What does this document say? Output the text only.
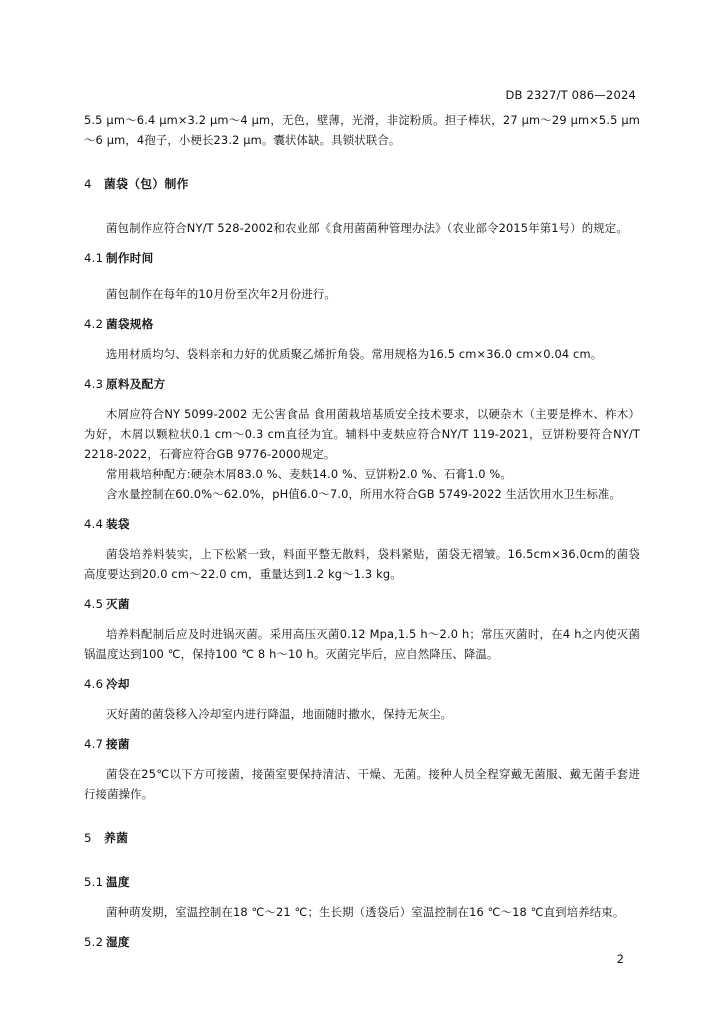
DB 2327/T 086—2024

5.5 μm～6.4 μm×3.2 μm～4 μm，无色，壁薄，光滑，非淀粉质。担子棒状，27 μm～29 μm×5.5 μm～6 μm，4孢子，小梗长23.2 μm。囊状体缺。具锁状联合。

4 菌袋（包）制作

菌包制作应符合NY/T 528-2002和农业部《食用菌菌种管理办法》（农业部令2015年第1号）的规定。

4.1 制作时间

菌包制作在每年的10月份至次年2月份进行。

4.2 菌袋规格

选用材质均匀、袋料亲和力好的优质聚乙烯折角袋。常用规格为16.5 cm×36.0 cm×0.04 cm。

4.3 原料及配方

木屑应符合NY 5099-2002 无公害食品 食用菌栽培基质安全技术要求，以硬杂木（主要是桦木、柞木）为好，木屑以颗粒状0.1 cm～0.3 cm直径为宜。辅料中麦麸应符合NY/T 119-2021，豆饼粉要符合NY/T 2218-2022，石膏应符合GB 9776-2000规定。

常用栽培种配方:硬杂木屑83.0 %、麦麸14.0 %、豆饼粉2.0 %、石膏1.0 %。

含水量控制在60.0%～62.0%，pH值6.0～7.0，所用水符合GB 5749-2022 生活饮用水卫生标准。

4.4 装袋

菌袋培养料装实，上下松紧一致，料面平整无散料，袋料紧贴，菌袋无褶皱。16.5cm×36.0cm的菌袋高度要达到20.0 cm～22.0 cm，重量达到1.2 kg～1.3 kg。

4.5 灭菌

培养料配制后应及时进锅灭菌。采用高压灭菌0.12 Mpa,1.5 h～2.0 h；常压灭菌时，在4 h之内使灭菌锅温度达到100 ℃，保持100 ℃ 8 h～10 h。灭菌完毕后，应自然降压、降温。

4.6 冷却

灭好菌的菌袋移入冷却室内进行降温，地面随时撒水，保持无灰尘。

4.7 接菌

菌袋在25℃以下方可接菌，接菌室要保持清洁、干燥、无菌。接种人员全程穿戴无菌服、戴无菌手套进行接菌操作。

5 养菌

5.1 温度

菌种萌发期，室温控制在18 ℃～21 ℃；生长期（透袋后）室温控制在16 ℃～18 ℃直到培养结束。

5.2 湿度

2
